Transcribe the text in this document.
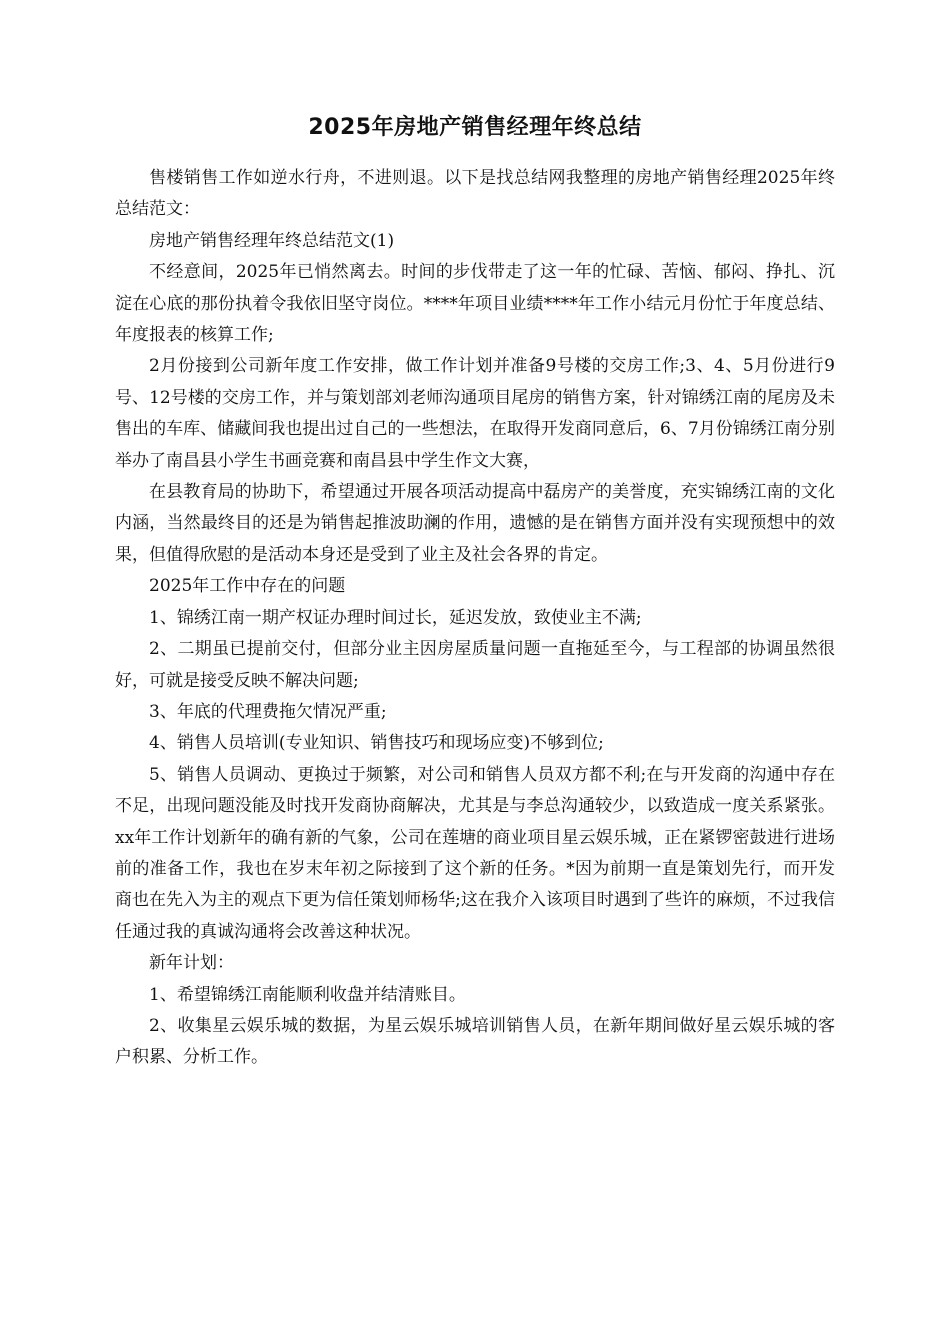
2025年房地产销售经理年终总结

售楼销售工作如逆水行舟，不进则退。以下是找总结网我整理的房地产销售经理2025年终总结范文：

房地产销售经理年终总结范文(1)

不经意间，2025年已悄然离去。时间的步伐带走了这一年的忙碌、苦恼、郁闷、挣扎、沉淀在心底的那份执着令我依旧坚守岗位。****年项目业绩****年工作小结元月份忙于年度总结、年度报表的核算工作;

2月份接到公司新年度工作安排，做工作计划并准备9号楼的交房工作;3、4、5月份进行9号、12号楼的交房工作，并与策划部刘老师沟通项目尾房的销售方案，针对锦绣江南的尾房及未售出的车库、储藏间我也提出过自己的一些想法，在取得开发商同意后，6、7月份锦绣江南分别举办了南昌县小学生书画竞赛和南昌县中学生作文大赛，

在县教育局的协助下，希望通过开展各项活动提高中磊房产的美誉度，充实锦绣江南的文化内涵，当然最终目的还是为销售起推波助澜的作用，遗憾的是在销售方面并没有实现预想中的效果，但值得欣慰的是活动本身还是受到了业主及社会各界的肯定。

2025年工作中存在的问题

1、锦绣江南一期产权证办理时间过长，延迟发放，致使业主不满;

2、二期虽已提前交付，但部分业主因房屋质量问题一直拖延至今，与工程部的协调虽然很好，可就是接受反映不解决问题;

3、年底的代理费拖欠情况严重;

4、销售人员培训(专业知识、销售技巧和现场应变)不够到位;

5、销售人员调动、更换过于频繁，对公司和销售人员双方都不利;在与开发商的沟通中存在不足，出现问题没能及时找开发商协商解决，尤其是与李总沟通较少，以致造成一度关系紧张。xx年工作计划新年的确有新的气象，公司在莲塘的商业项目星云娱乐城，正在紧锣密鼓进行进场前的准备工作，我也在岁末年初之际接到了这个新的任务。*因为前期一直是策划先行，而开发商也在先入为主的观点下更为信任策划师杨华;这在我介入该项目时遇到了些许的麻烦，不过我信任通过我的真诚沟通将会改善这种状况。

新年计划：

1、希望锦绣江南能顺利收盘并结清账目。

2、收集星云娱乐城的数据，为星云娱乐城培训销售人员，在新年期间做好星云娱乐城的客户积累、分析工作。
